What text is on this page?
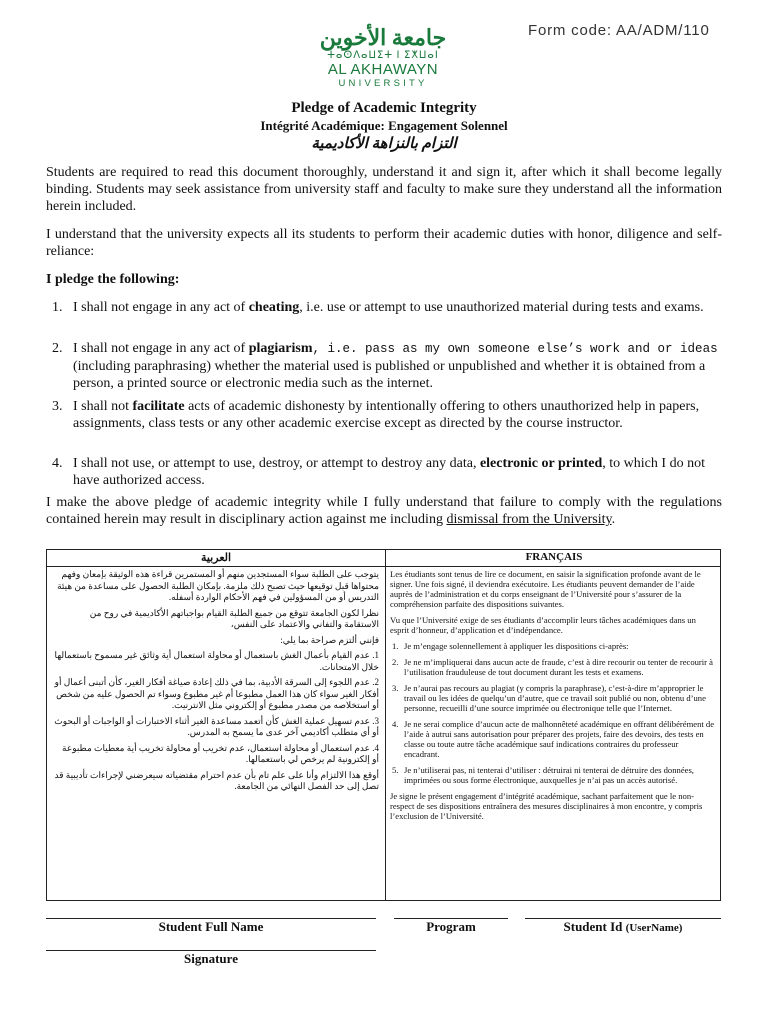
Form code: AA/ADM/110
جامعة الأخوين
ⵜⴰⵙⴷⴰⵡⵉⵜ ⵏ ⵉⵅⵡⴰⵏ
AL AKHAWAYN
UNIVERSITY
Pledge of Academic Integrity
Intégrité Académique: Engagement Solennel
التزام بالنزاهة الأكاديمية
Students are required to read this document thoroughly, understand it and sign it, after which it shall become legally binding. Students may seek assistance from university staff and faculty to make sure they understand all the information herein included.
I understand that the university expects all its students to perform their academic duties with honor, diligence and self-reliance:
I pledge the following:
1. I shall not engage in any act of cheating, i.e. use or attempt to use unauthorized material during tests and exams.
2. I shall not engage in any act of plagiarism, i.e. pass as my own someone else’s work and or ideas (including paraphrasing) whether the material used is published or unpublished and whether it is obtained from a person, a printed source or electronic media such as the internet.
3. I shall not facilitate acts of academic dishonesty by intentionally offering to others unauthorized help in papers, assignments, class tests or any other academic exercise except as directed by the course instructor.
4. I shall not use, or attempt to use, destroy, or attempt to destroy any data, electronic or printed, to which I do not have authorized access.
I make the above pledge of academic integrity while I fully understand that failure to comply with the regulations contained herein may result in disciplinary action against me including dismissal from the University.
العربية	FRANÇAIS

يتوجب على الطلبة سواء المستجدين منهم أو المستمرين قراءة هذه الوثيقة بإمعان وفهم محتواها قبل توقيعها حيث تصبح ذلك ملزمة. بإمكان الطلبة الحصول على مساعدة من هيئة التدريس أو من المسؤولين في فهم الأحكام الواردة أسفله.

نظرا لكون الجامعة تتوقع من جميع الطلبة القيام بواجباتهم الأكاديمية في روح من الاستقامة والتفاني والاعتماد على النفس،

فإنني ألتزم صراحة بما يلي:

1. عدم القيام بأعمال الغش باستعمال أو محاولة استعمال أية وثائق غير مسموح باستعمالها خلال الامتحانات.

2. عدم اللجوء إلى السرقة الأدبية، بما في ذلك إعادة صياغة أفكار الغير، كأن أتبنى أعمال أو أفكار الغير سواء كان هذا العمل مطبوعا أم غير مطبوع وسواء تم الحصول عليه من شخص أو استخلاصه من مصدر مطبوع أو إلكتروني مثل الانترنيت.

3. عدم تسهيل عملية الغش كأن أتعمد مساعدة الغير أثناء الاختبارات أو الواجبات أو البحوث أو أي متطلب أكاديمي آخر عدى ما يسمح به المدرس.

4. عدم استعمال أو محاولة استعمال، عدم تخريب أو محاولة تخريب أية معطيات مطبوعة أو إلكترونية لم يرخص لي باستعمالها.

أوقع هذا الالتزام وأنا على علم تام بأن عدم احترام مقتضياته سيعرضني لإجراءات تأديبية قد تصل إلى حد الفصل النهائي من الجامعة.

Les étudiants sont tenus de lire ce document, en saisir la signification profonde avant de le signer. Une fois signé, il deviendra exécutoire. Les étudiants peuvent demander de l’aide auprès de l’administration et du corps enseignant de l’Université pour s’assurer de la compréhension parfaite des dispositions suivantes.

Vu que l’Université exige de ses étudiants d’accomplir leurs tâches académiques dans un esprit d’honneur, d’application et d’indépendance.

1. Je m’engage solennellement à appliquer les dispositions ci-après:

2. Je ne m’impliquerai dans aucun acte de fraude, c’est à dire recourir ou tenter de recourir à l’utilisation frauduleuse de tout document durant les tests et examens.

3. Je n’aurai pas recours au plagiat (y compris la paraphrase), c’est-à-dire m’approprier le travail ou les idées de quelqu’un d’autre, que ce travail soit publié ou non, obtenu d’une personne, recueilli d’une source imprimée ou électronique telle que l’Internet.

4. Je ne serai complice d’aucun acte de malhonnêteté académique en offrant délibérément de l’aide à autrui sans autorisation pour préparer des projets, faire des devoirs, des tests en classe ou toute autre tâche académique sauf indications contraires du professeur encadrant.

5. Je n’utiliserai pas, ni tenterai d’utiliser : détruirai ni tenterai de détruire des données, imprimées ou sous forme électronique, auxquelles je n’ai pas un accès autorisé.

Je signe le présent engagement d’intégrité académique, sachant parfaitement que le non-respect de ses dispositions entraînera des mesures disciplinaires à mon encontre, y compris l’exclusion de l’Université.

Student Full Name	Program	Student Id (UserName)
Signature
